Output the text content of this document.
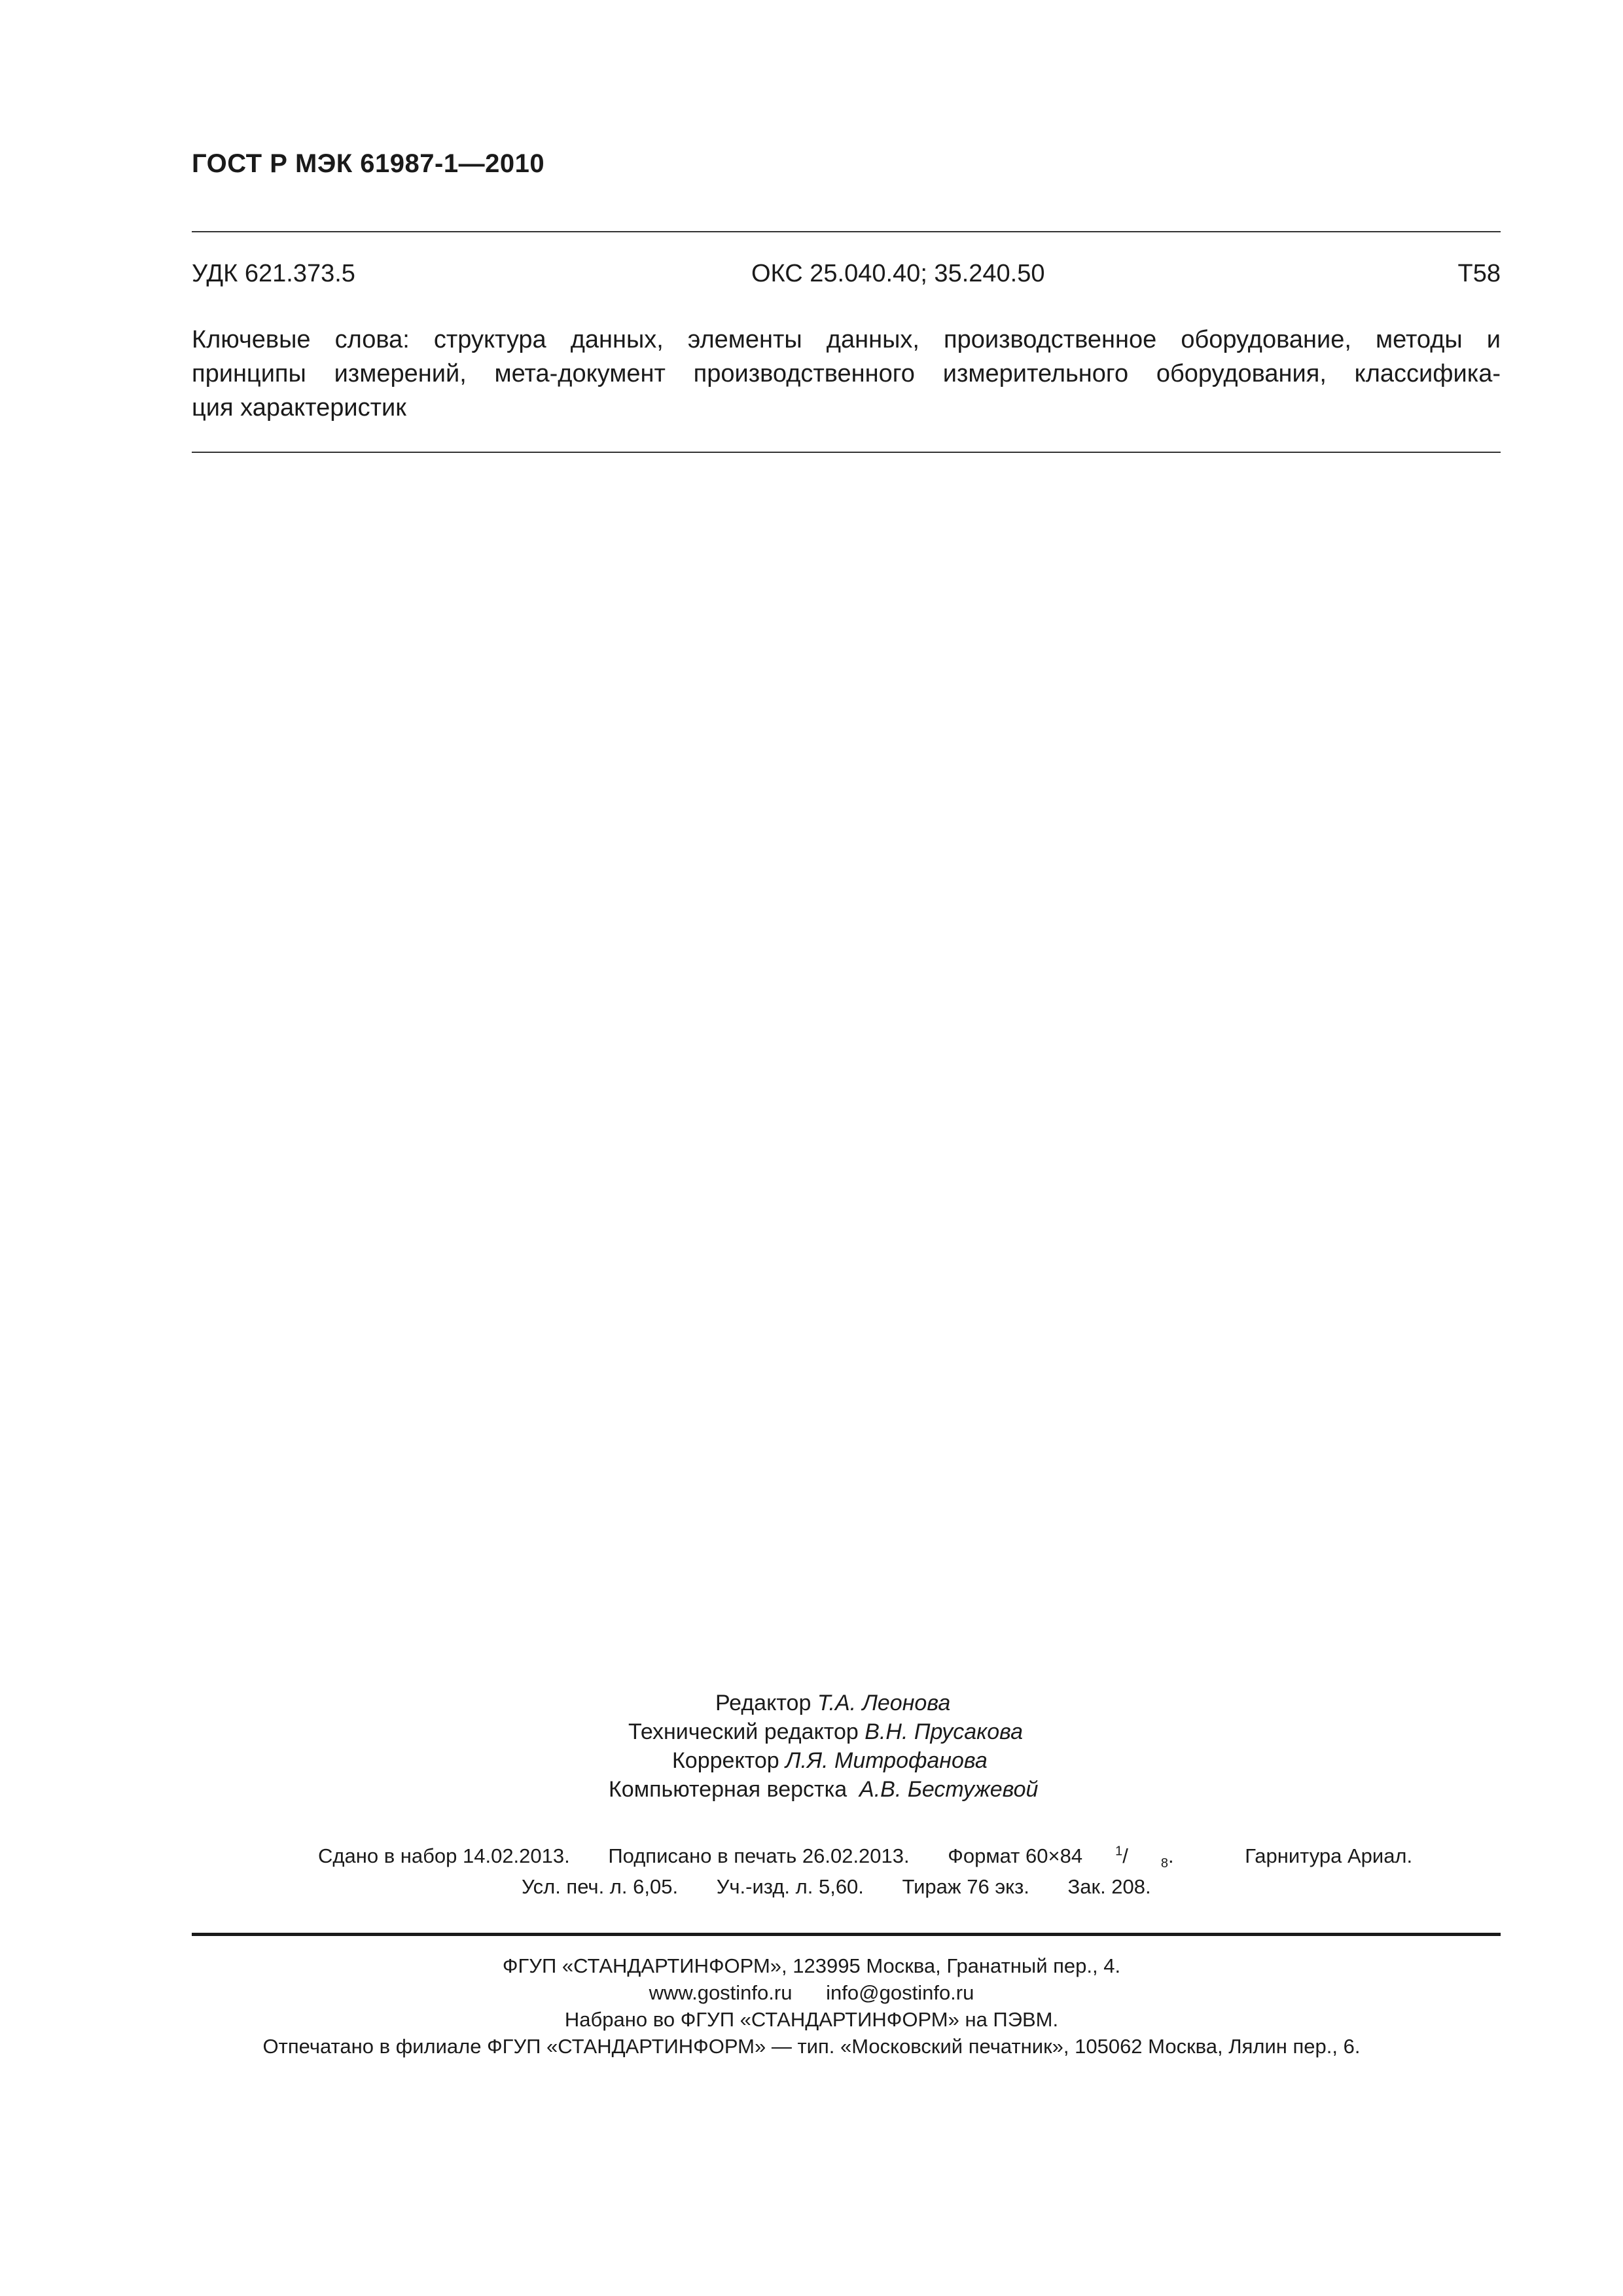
ГОСТ Р МЭК 61987-1—2010
УДК 621.373.5	ОКС 25.040.40; 35.240.50	Т58
Ключевые слова: структура данных, элементы данных, производственное оборудование, методы и
принципы измерений, мета-документ производственного измерительного оборудования, классифика-
ция характеристик
Редактор Т.А. Леонова
Технический редактор В.Н. Прусакова
Корректор Л.Я. Митрофанова
Компьютерная верстка А.В. Бестужевой
Сдано в набор 14.02.2013. Подписано в печать 26.02.2013. Формат 60×84	$^1$/	$_8$.	Гарнитура Ариал.
Усл. печ. л. 6,05. Уч.-изд. л. 5,60. Тираж 76 экз. Зак. 208.
ФГУП «СТАНДАРТИНФОРМ», 123995 Москва, Гранатный пер., 4.
www.gostinfo.ru info@gostinfo.ru
Набрано во ФГУП «СТАНДАРТИНФОРМ» на ПЭВМ.
Отпечатано в филиале ФГУП «СТАНДАРТИНФОРМ» — тип. «Московский печатник», 105062 Москва, Лялин пер., 6.
